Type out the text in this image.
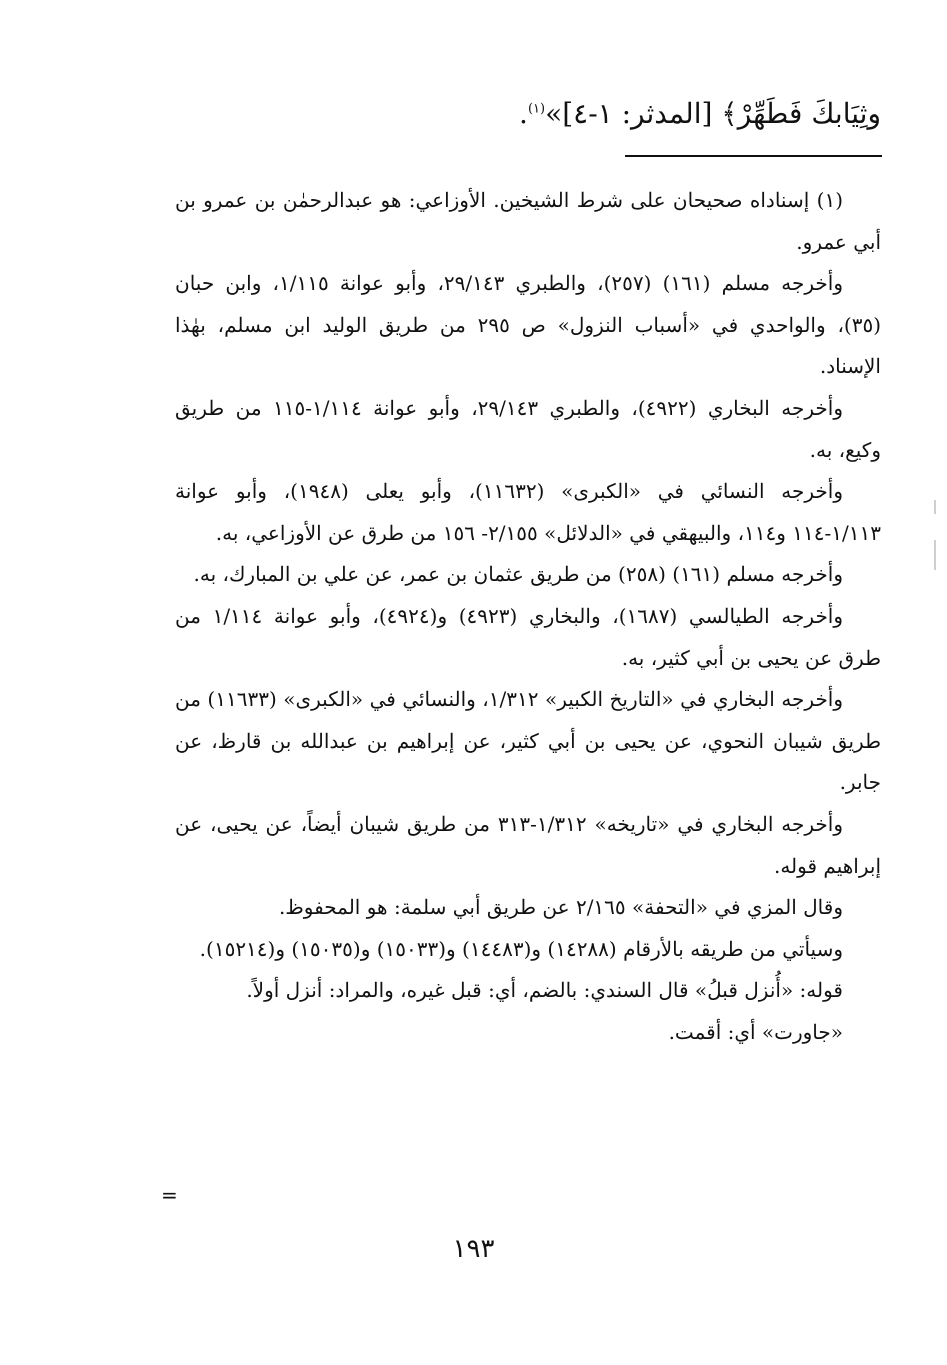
وثِيَابكَ فَطَهِّرْ﴾ [المدثر: ١-٤]»$^{(١)}$.

(١) إسناداه صحيحان على شرط الشيخين. الأوزاعي: هو عبدالرحمٰن بن عمرو بن أبي عمرو.

وأخرجه مسلم (١٦١) (٢٥٧)، والطبري ٢٩/١٤٣، وأبو عوانة ١/١١٥، وابن حبان (٣٥)، والواحدي في «أسباب النزول» ص ٢٩٥ من طريق الوليد ابن مسلم، بهٰذا الإسناد.

وأخرجه البخاري (٤٩٢٢)، والطبري ٢٩/١٤٣، وأبو عوانة ١/١١٤-١١٥ من طريق وكيع، به.

وأخرجه النسائي في «الكبرى» (١١٦٣٢)، وأبو يعلى (١٩٤٨)، وأبو عوانة ١/١١٣-١١٤ و١١٤، والبيهقي في «الدلائل» ٢/١٥٥- ١٥٦ من طرق عن الأوزاعي، به.

وأخرجه مسلم (١٦١) (٢٥٨) من طريق عثمان بن عمر، عن علي بن المبارك، به.

وأخرجه الطيالسي (١٦٨٧)، والبخاري (٤٩٢٣) و(٤٩٢٤)، وأبو عوانة ١/١١٤ من طرق عن يحيى بن أبي كثير، به.

وأخرجه البخاري في «التاريخ الكبير» ١/٣١٢، والنسائي في «الكبرى» (١١٦٣٣) من طريق شيبان النحوي، عن يحيى بن أبي كثير، عن إبراهيم بن عبدالله بن قارظ، عن جابر.

وأخرجه البخاري في «تاريخه» ١/٣١٢-٣١٣ من طريق شيبان أيضاً، عن يحيى، عن إبراهيم قوله.

وقال المزي في «التحفة» ٢/١٦٥ عن طريق أبي سلمة: هو المحفوظ.

وسيأتي من طريقه بالأرقام (١٤٢٨٨) و(١٤٤٨٣) و(١٥٠٣٣) و(١٥٠٣٥) و(١٥٢١٤).

قوله: «أُنزل قبلُ» قال السندي: بالضم، أي: قبل غيره، والمراد: أنزل أولاً.

«جاورت» أي: أقمت.

=
١٩٣
